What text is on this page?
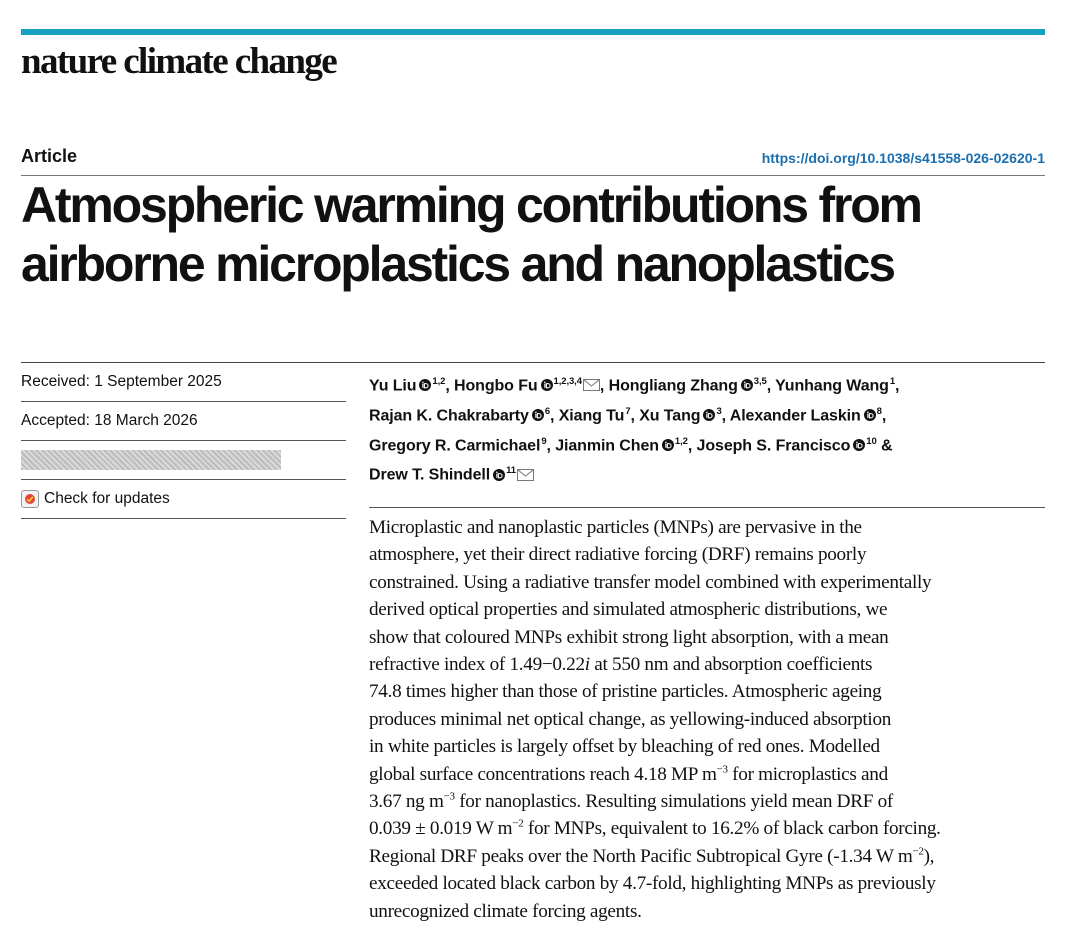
nature climate change
Article	https://doi.org/10.1038/s41558-026-02620-1
Atmospheric warming contributions from
airborne microplastics and nanoplastics
Received: 1 September 2025
Accepted: 18 March 2026
Check for updates
Yu Liu $^{1,2}$, Hongbo Fu $^{1,2,3,4}$ , Hongliang Zhang $^{3,5}$, Yunhang Wang$^1$,
Rajan K. Chakrabarty $^6$, Xiang Tu$^7$, Xu Tang $^3$, Alexander Laskin $^8$,
Gregory R. Carmichael$^9$, Jianmin Chen $^{1,2}$, Joseph S. Francisco $^{10}$ &
Drew T. Shindell $^{11}$

Microplastic and nanoplastic particles (MNPs) are pervasive in the
atmosphere, yet their direct radiative forcing (DRF) remains poorly
constrained. Using a radiative transfer model combined with experimentally
derived optical properties and simulated atmospheric distributions, we
show that coloured MNPs exhibit strong light absorption, with a mean
refractive index of 1.49−0.22i at 550 nm and absorption coefficients
74.8 times higher than those of pristine particles. Atmospheric ageing
produces minimal net optical change, as yellowing-induced absorption
in white particles is largely offset by bleaching of red ones. Modelled
global surface concentrations reach 4.18 MP $m^{-3}$ for microplastics and
3.67 ng $m^{-3}$ for nanoplastics. Resulting simulations yield mean DRF of
0.039 ± 0.019 W $m^{-2}$ for MNPs, equivalent to 16.2% of black carbon forcing.
Regional DRF peaks over the North Pacific Subtropical Gyre (-1.34 W $m^{-2}$),
exceeded located black carbon by 4.7-fold, highlighting MNPs as previously
unrecognized climate forcing agents.
